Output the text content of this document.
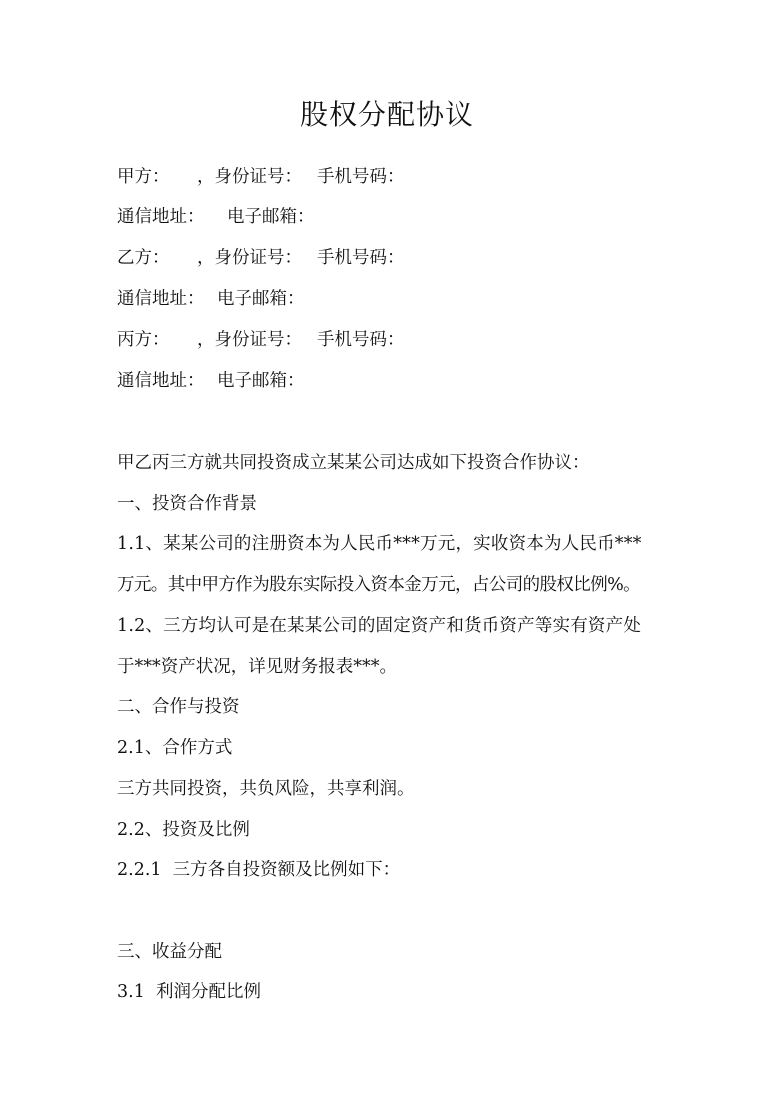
股权分配协议
甲方： ，身份证号： 手机号码：
通信地址： 电子邮箱：
乙方： ，身份证号： 手机号码：
通信地址： 电子邮箱：
丙方： ，身份证号： 手机号码：
通信地址： 电子邮箱：
甲乙丙三方就共同投资成立某某公司达成如下投资合作协议：
一、投资合作背景
1.1、某某公司的注册资本为人民币***万元，实收资本为人民币***
万元。其中甲方作为股东实际投入资本金万元，占公司的股权比例%。
1.2、三方均认可是在某某公司的固定资产和货币资产等实有资产处
于***资产状况，详见财务报表***。
二、合作与投资
2.1、合作方式
三方共同投资，共负风险，共享利润。
2.2、投资及比例
2.2.1  三方各自投资额及比例如下：
三、收益分配
3.1  利润分配比例
